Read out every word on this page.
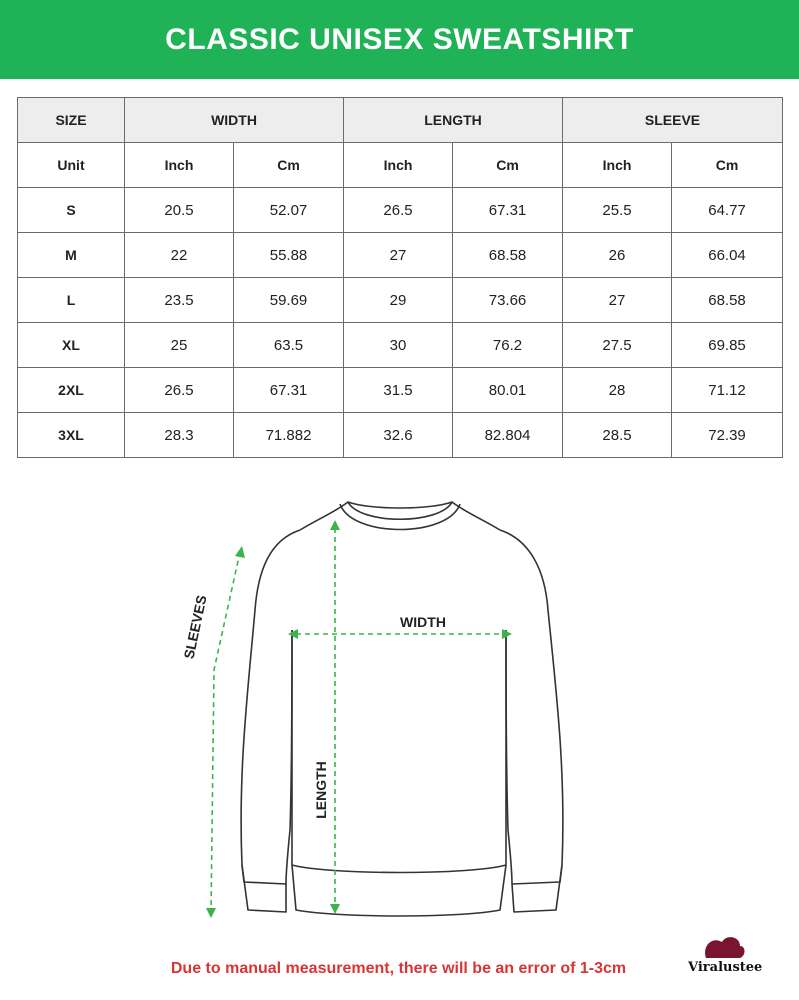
CLASSIC UNISEX SWEATSHIRT
SIZE	WIDTH		LENGTH		SLEEVE	
Unit	Inch	Cm	Inch	Cm	Inch	Cm
S	20.5	52.07	26.5	67.31	25.5	64.77
M	22	55.88	27	68.58	26	66.04
L	23.5	59.69	29	73.66	27	68.58
XL	25	63.5	30	76.2	27.5	69.85
2XL	26.5	67.31	31.5	80.01	28	71.12
3XL	28.3	71.882	32.6	82.804	28.5	72.39
WIDTH
LENGTH
SLEEVES
Due to manual measurement, there will be an error of 1-3cm	Viralustee
